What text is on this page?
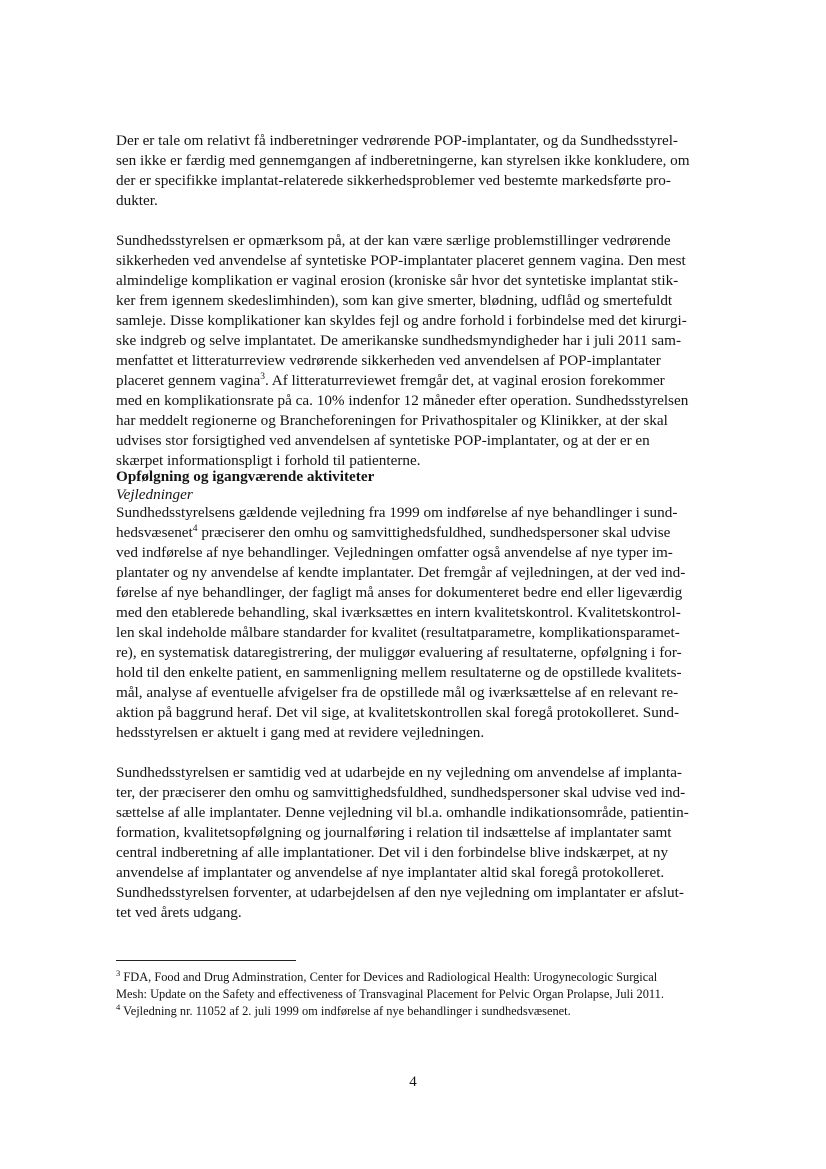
Der er tale om relativt få indberetninger vedrørende POP-implantater, og da Sundhedsstyrel-
sen ikke er færdig med gennemgangen af indberetningerne, kan styrelsen ikke konkludere, om
der er specifikke implantat-relaterede sikkerhedsproblemer ved bestemte markedsførte pro-
dukter.
Sundhedsstyrelsen er opmærksom på, at der kan være særlige problemstillinger vedrørende
sikkerheden ved anvendelse af syntetiske POP-implantater placeret gennem vagina. Den mest
almindelige komplikation er vaginal erosion (kroniske sår hvor det syntetiske implantat stik-
ker frem igennem skedeslimhinden), som kan give smerter, blødning, udflåd og smertefuldt
samleje. Disse komplikationer kan skyldes fejl og andre forhold i forbindelse med det kirurgi-
ske indgreb og selve implantatet. De amerikanske sundhedsmyndigheder har i juli 2011 sam-
menfattet et litteraturreview vedrørende sikkerheden ved anvendelsen af POP-implantater
placeret gennem vagina$^3$. Af litteraturreviewet fremgår det, at vaginal erosion forekommer
med en komplikationsrate på ca. 10% indenfor 12 måneder efter operation. Sundhedsstyrelsen
har meddelt regionerne og Brancheforeningen for Privathospitaler og Klinikker, at der skal
udvises stor forsigtighed ved anvendelsen af syntetiske POP-implantater, og at der er en
skærpet informationspligt i forhold til patienterne.
Opfølgning og igangværende aktiviteter
Vejledninger
Sundhedsstyrelsens gældende vejledning fra 1999 om indførelse af nye behandlinger i sund-
hedsvæsenet$^4$ præciserer den omhu og samvittighedsfuldhed, sundhedspersoner skal udvise
ved indførelse af nye behandlinger. Vejledningen omfatter også anvendelse af nye typer im-
plantater og ny anvendelse af kendte implantater. Det fremgår af vejledningen, at der ved ind-
førelse af nye behandlinger, der fagligt må anses for dokumenteret bedre end eller ligeværdig
med den etablerede behandling, skal iværksættes en intern kvalitetskontrol. Kvalitetskontrol-
len skal indeholde målbare standarder for kvalitet (resultatparametre, komplikationsparamet-
re), en systematisk dataregistrering, der muliggør evaluering af resultaterne, opfølgning i for-
hold til den enkelte patient, en sammenligning mellem resultaterne og de opstillede kvalitets-
mål, analyse af eventuelle afvigelser fra de opstillede mål og iværksættelse af en relevant re-
aktion på baggrund heraf. Det vil sige, at kvalitetskontrollen skal foregå protokolleret. Sund-
hedsstyrelsen er aktuelt i gang med at revidere vejledningen.
Sundhedsstyrelsen er samtidig ved at udarbejde en ny vejledning om anvendelse af implanta-
ter, der præciserer den omhu og samvittighedsfuldhed, sundhedspersoner skal udvise ved ind-
sættelse af alle implantater. Denne vejledning vil bl.a. omhandle indikationsområde, patientin-
formation, kvalitetsopfølgning og journalføring i relation til indsættelse af implantater samt
central indberetning af alle implantationer. Det vil i den forbindelse blive indskærpet, at ny
anvendelse af implantater og anvendelse af nye implantater altid skal foregå protokolleret.
Sundhedsstyrelsen forventer, at udarbejdelsen af den nye vejledning om implantater er afslut-
tet ved årets udgang.
$^3$ FDA, Food and Drug Adminstration, Center for Devices and Radiological Health: Urogynecologic Surgical
Mesh: Update on the Safety and effectiveness of Transvaginal Placement for Pelvic Organ Prolapse, Juli 2011.
$^4$ Vejledning nr. 11052 af 2. juli 1999 om indførelse af nye behandlinger i sundhedsvæsenet.
4
